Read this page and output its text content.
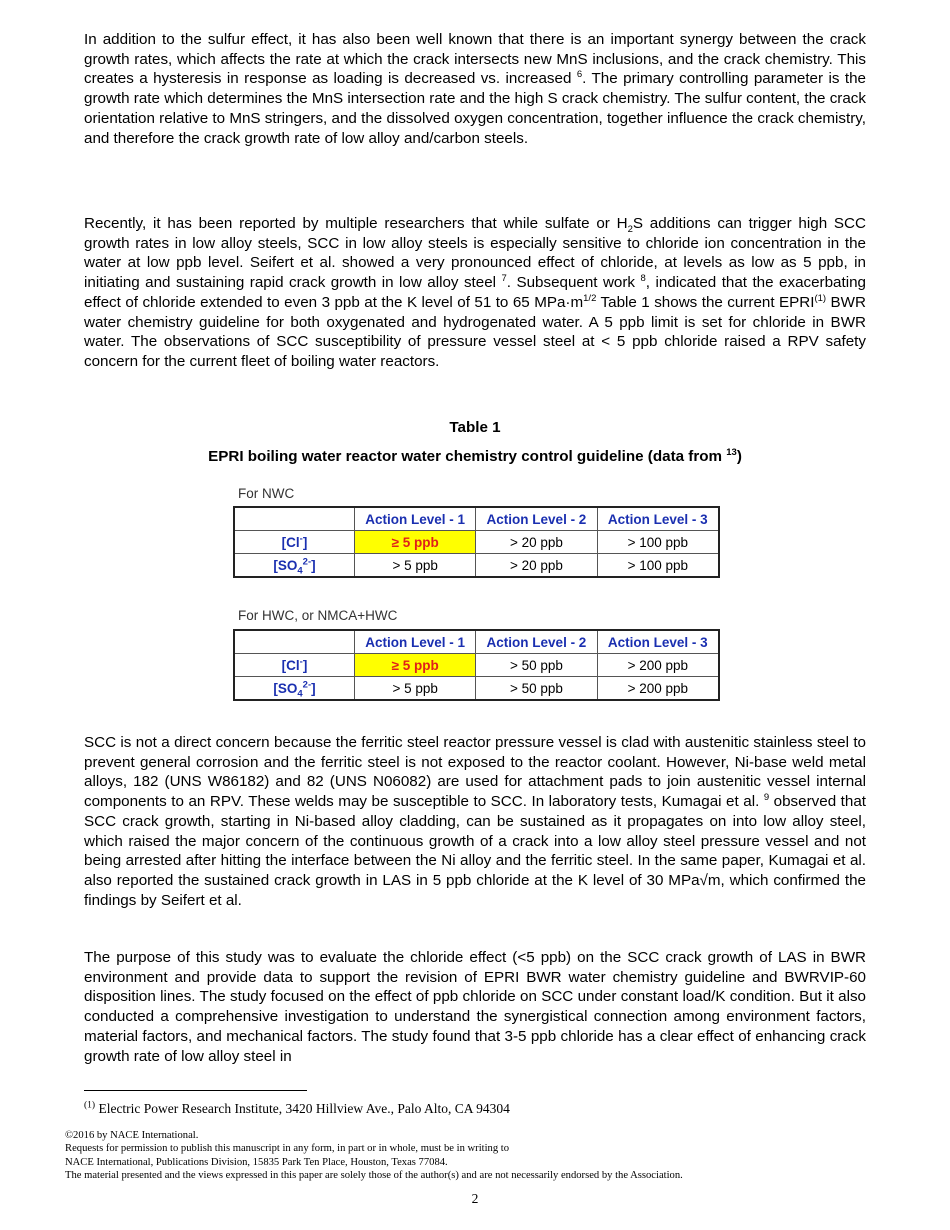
In addition to the sulfur effect, it has also been well known that there is an important synergy between the crack growth rates, which affects the rate at which the crack intersects new MnS inclusions, and the crack chemistry. This creates a hysteresis in response as loading is decreased vs. increased $^6$. The primary controlling parameter is the growth rate which determines the MnS intersection rate and the high S crack chemistry. The sulfur content, the crack orientation relative to MnS stringers, and the dissolved oxygen concentration, together influence the crack chemistry, and therefore the crack growth rate of low alloy and/carbon steels.

Recently, it has been reported by multiple researchers that while sulfate or $H_2S$ additions can trigger high SCC growth rates in low alloy steels, SCC in low alloy steels is especially sensitive to chloride ion concentration in the water at low ppb level. Seifert et al. showed a very pronounced effect of chloride, at levels as low as 5 ppb, in initiating and sustaining rapid crack growth in low alloy steel $^7$. Subsequent work $^8$, indicated that the exacerbating effect of chloride extended to even 3 ppb at the K level of 51 to 65 $MPa\cdot m^{1/2}$ Table 1 shows the current EPRI$^{(1)}$ BWR water chemistry guideline for both oxygenated and hydrogenated water. A 5 ppb limit is set for chloride in BWR water. The observations of SCC susceptibility of pressure vessel steel at < 5 ppb chloride raised a RPV safety concern for the current fleet of boiling water reactors.

Table 1
EPRI boiling water reactor water chemistry control guideline (data from $^{13}$)
For NWC
	Action Level - 1	Action Level - 2	Action Level - 3
[Cl-]	≥ 5 ppb	> 20 ppb	> 100 ppb
$[SO_4^{2-}]$	> 5 ppb	> 20 ppb	> 100 ppb
For HWC, or NMCA+HWC
	Action Level - 1	Action Level - 2	Action Level - 3
[Cl-]	≥ 5 ppb	> 50 ppb	> 200 ppb
$[SO_4^{2-}]$	> 5 ppb	> 50 ppb	> 200 ppb

SCC is not a direct concern because the ferritic steel reactor pressure vessel is clad with austenitic stainless steel to prevent general corrosion and the ferritic steel is not exposed to the reactor coolant. However, Ni-base weld metal alloys, 182 (UNS W86182) and 82 (UNS N06082) are used for attachment pads to join austenitic vessel internal components to an RPV. These welds may be susceptible to SCC. In laboratory tests, Kumagai et al. $^9$ observed that SCC crack growth, starting in Ni-based alloy cladding, can be sustained as it propagates on into low alloy steel, which raised the major concern of the continuous growth of a crack into a low alloy steel pressure vessel and not being arrested after hitting the interface between the Ni alloy and the ferritic steel. In the same paper, Kumagai et al. also reported the sustained crack growth in LAS in 5 ppb chloride at the K level of 30 MPa√m, which confirmed the findings by Seifert et al.

The purpose of this study was to evaluate the chloride effect (<5 ppb) on the SCC crack growth of LAS in BWR environment and provide data to support the revision of EPRI BWR water chemistry guideline and BWRVIP-60 disposition lines. The study focused on the effect of ppb chloride on SCC under constant load/K condition. But it also conducted a comprehensive investigation to understand the synergistical connection among environment factors, material factors, and mechanical factors. The study found that 3-5 ppb chloride has a clear effect of enhancing crack growth rate of low alloy steel in

$^{(1)}$ Electric Power Research Institute, 3420 Hillview Ave., Palo Alto, CA 94304
©2016 by NACE International.
Requests for permission to publish this manuscript in any form, in part or in whole, must be in writing to
NACE International, Publications Division, 15835 Park Ten Place, Houston, Texas 77084.
The material presented and the views expressed in this paper are solely those of the author(s) and are not necessarily endorsed by the Association.
2
